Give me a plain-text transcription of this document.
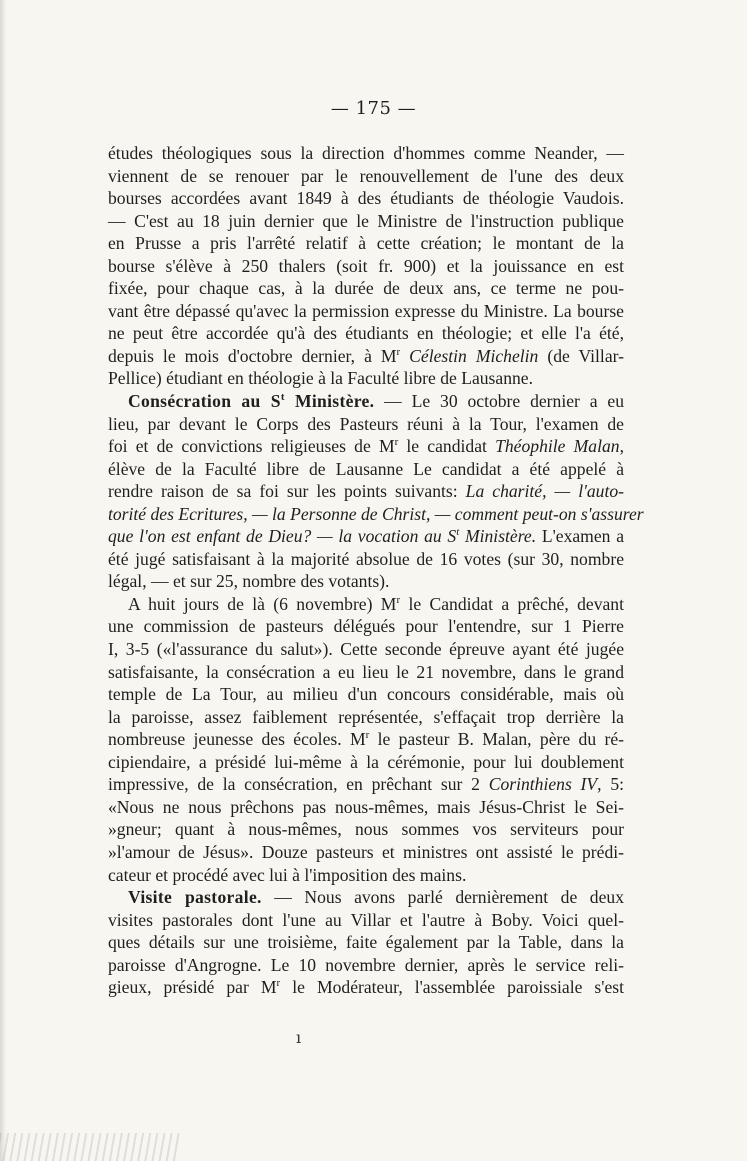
— 175 —
études théologiques sous la direction d'hommes comme Neander, —
viennent de se renouer par le renouvellement de l'une des deux
bourses accordées avant 1849 à des étudiants de théologie Vaudois.
— C'est au 18 juin dernier que le Ministre de l'instruction publique
en Prusse a pris l'arrêté relatif à cette création; le montant de la
bourse s'élève à 250 thalers (soit fr. 900) et la jouissance en est
fixée, pour chaque cas, à la durée de deux ans, ce terme ne pou-
vant être dépassé qu'avec la permission expresse du Ministre. La bourse
ne peut être accordée qu'à des étudiants en théologie; et elle l'a été,
depuis le mois d'octobre dernier, à $M^r$ Célestin Michelin (de Villar-
Pellice) étudiant en théologie à la Faculté libre de Lausanne.
Consécration au $S^t$ Ministère. — Le 30 octobre dernier a eu
lieu, par devant le Corps des Pasteurs réuni à la Tour, l'examen de
foi et de convictions religieuses de $M^r$ le candidat Théophile Malan,
élève de la Faculté libre de Lausanne Le candidat a été appelé à
rendre raison de sa foi sur les points suivants: La charité, — l'auto-
torité des Ecritures, — la Personne de Christ, — comment peut-on s'assurer
que l'on est enfant de Dieu? — la vocation au $S^t$ Ministère. L'examen a
été jugé satisfaisant à la majorité absolue de 16 votes (sur 30, nombre
légal, — et sur 25, nombre des votants).
A huit jours de là (6 novembre) $M^r$ le Candidat a prêché, devant
une commission de pasteurs délégués pour l'entendre, sur 1 Pierre
I, 3-5 («l'assurance du salut»). Cette seconde épreuve ayant été jugée
satisfaisante, la consécration a eu lieu le 21 novembre, dans le grand
temple de La Tour, au milieu d'un concours considérable, mais où
la paroisse, assez faiblement représentée, s'effaçait trop derrière la
nombreuse jeunesse des écoles. $M^r$ le pasteur B. Malan, père du ré-
cipiendaire, a présidé lui-même à la cérémonie, pour lui doublement
impressive, de la consécration, en prêchant sur 2 Corinthiens IV, 5:
«Nous ne nous prêchons pas nous-mêmes, mais Jésus-Christ le Sei-
»gneur; quant à nous-mêmes, nous sommes vos serviteurs pour
»l'amour de Jésus». Douze pasteurs et ministres ont assisté le prédi-
cateur et procédé avec lui à l'imposition des mains.
Visite pastorale. — Nous avons parlé dernièrement de deux
visites pastorales dont l'une au Villar et l'autre à Boby. Voici quel-
ques détails sur une troisième, faite également par la Table, dans la
paroisse d'Angrogne. Le 10 novembre dernier, après le service reli-
gieux, présidé par $M^r$ le Modérateur, l'assemblée paroissiale s'est
ı
